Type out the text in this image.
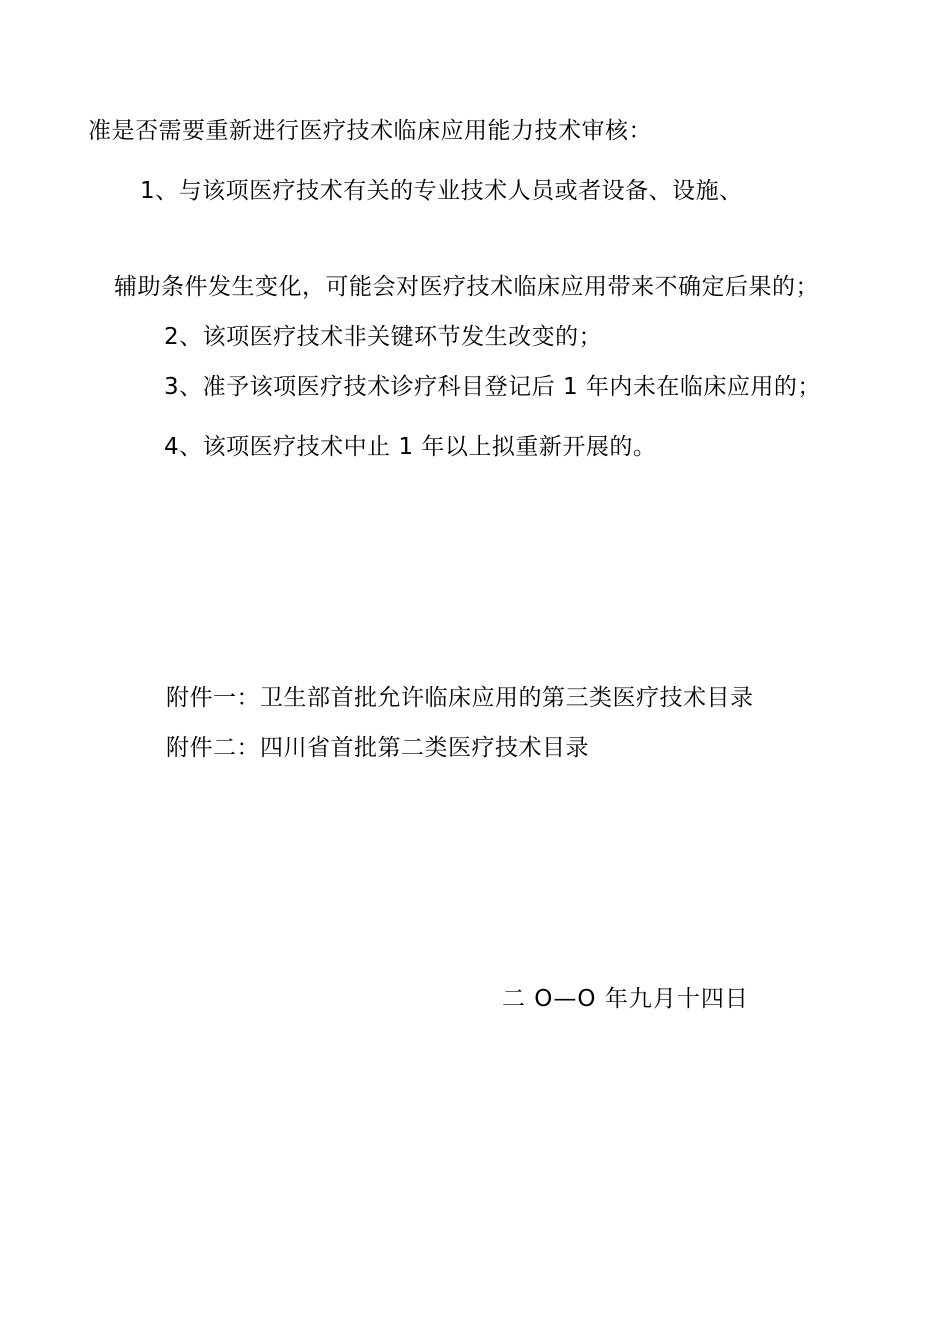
准是否需要重新进行医疗技术临床应用能力技术审核：
1、与该项医疗技术有关的专业技术人员或者设备、设施、
辅助条件发生变化，可能会对医疗技术临床应用带来不确定后果的；
2、该项医疗技术非关键环节发生改变的；
3、准予该项医疗技术诊疗科目登记后 1 年内未在临床应用的；
4、该项医疗技术中止 1 年以上拟重新开展的。
附件一：卫生部首批允许临床应用的第三类医疗技术目录
附件二：四川省首批第二类医疗技术目录
二 O—O 年九月十四日
